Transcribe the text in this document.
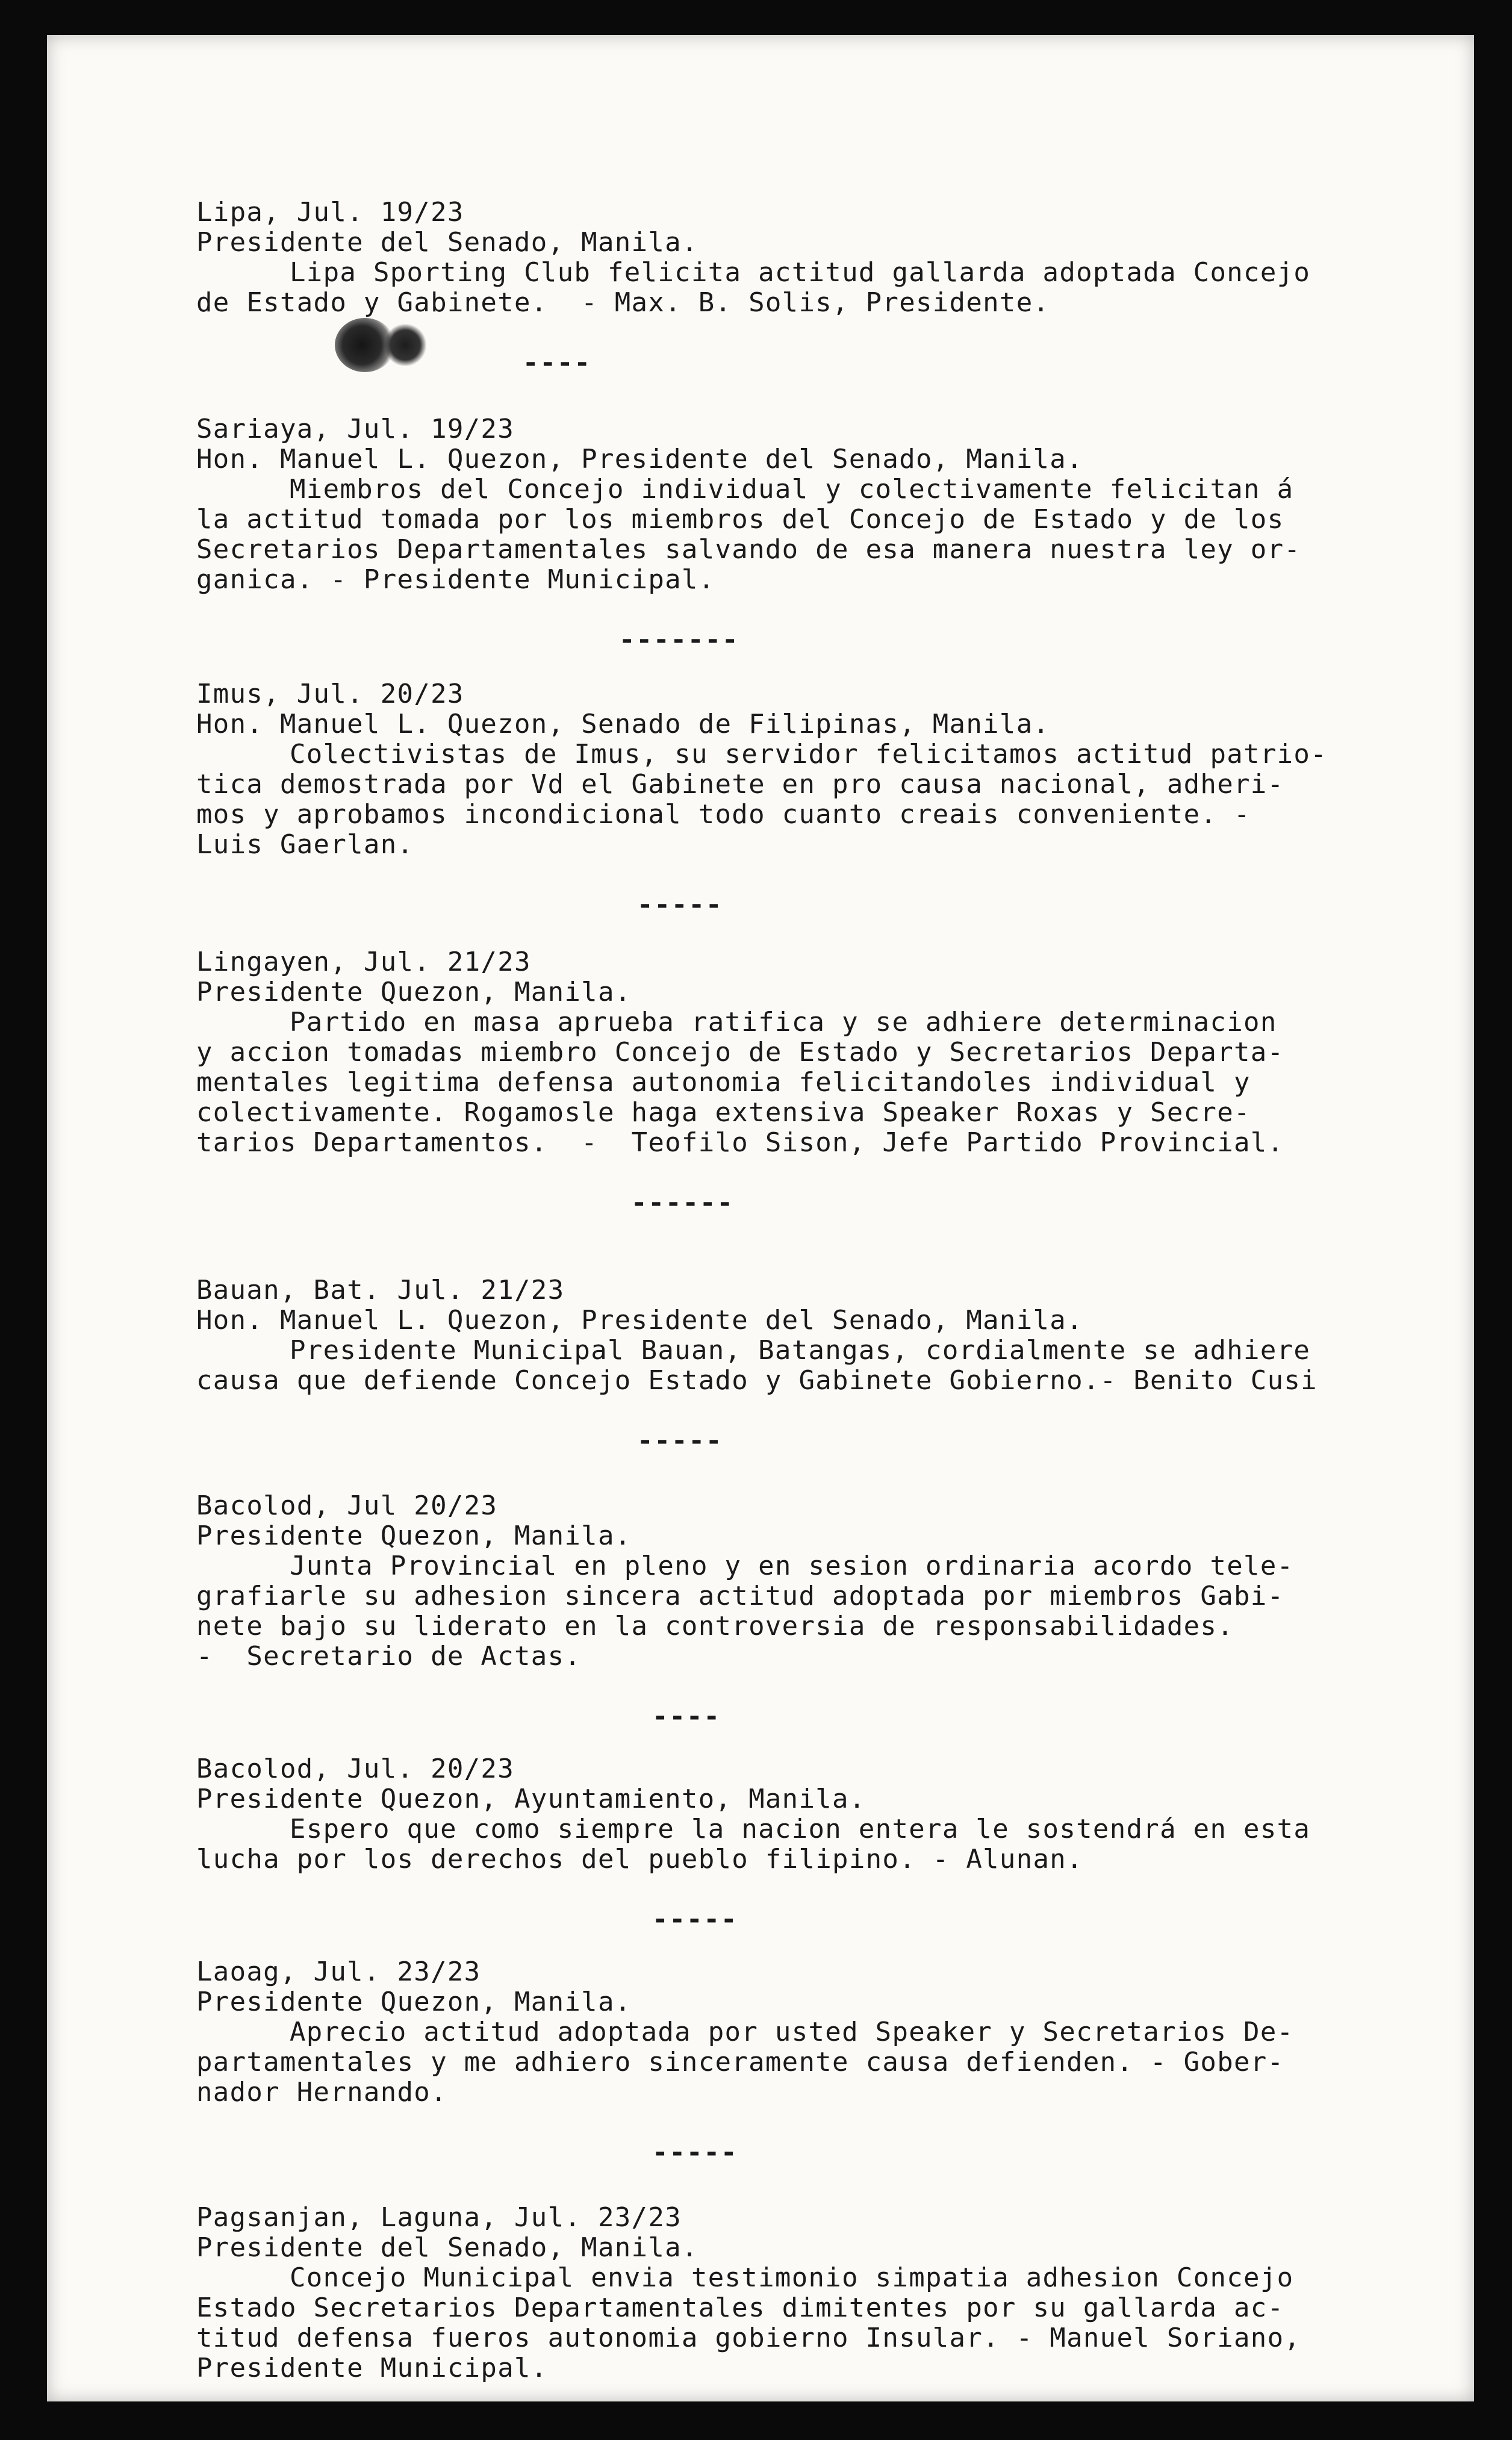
Lipa, Jul. 19/23
Presidente del Senado, Manila.
Lipa Sporting Club felicita actitud gallarda adoptada Concejo
de Estado y Gabinete.  - Max. B. Solis, Presidente.
----
Sariaya, Jul. 19/23
Hon. Manuel L. Quezon, Presidente del Senado, Manila.
Miembros del Concejo individual y colectivamente felicitan á
la actitud tomada por los miembros del Concejo de Estado y de los
Secretarios Departamentales salvando de esa manera nuestra ley or-
ganica. - Presidente Municipal.
-------
Imus, Jul. 20/23
Hon. Manuel L. Quezon, Senado de Filipinas, Manila.
Colectivistas de Imus, su servidor felicitamos actitud patrio-
tica demostrada por Vd el Gabinete en pro causa nacional, adheri-
mos y aprobamos incondicional todo cuanto creais conveniente. -
Luis Gaerlan.
-----
Lingayen, Jul. 21/23
Presidente Quezon, Manila.
Partido en masa aprueba ratifica y se adhiere determinacion
y accion tomadas miembro Concejo de Estado y Secretarios Departa-
mentales legitima defensa autonomia felicitandoles individual y
colectivamente. Rogamosle haga extensiva Speaker Roxas y Secre-
tarios Departamentos.  -  Teofilo Sison, Jefe Partido Provincial.
------
Bauan, Bat. Jul. 21/23
Hon. Manuel L. Quezon, Presidente del Senado, Manila.
Presidente Municipal Bauan, Batangas, cordialmente se adhiere
causa que defiende Concejo Estado y Gabinete Gobierno.- Benito Cusi
-----
Bacolod, Jul 20/23
Presidente Quezon, Manila.
Junta Provincial en pleno y en sesion ordinaria acordo tele-
grafiarle su adhesion sincera actitud adoptada por miembros Gabi-
nete bajo su liderato en la controversia de responsabilidades.
-  Secretario de Actas.
----
Bacolod, Jul. 20/23
Presidente Quezon, Ayuntamiento, Manila.
Espero que como siempre la nacion entera le sostendrá en esta
lucha por los derechos del pueblo filipino. - Alunan.
-----
Laoag, Jul. 23/23
Presidente Quezon, Manila.
Aprecio actitud adoptada por usted Speaker y Secretarios De-
partamentales y me adhiero sinceramente causa defienden. - Gober-
nador Hernando.
-----
Pagsanjan, Laguna, Jul. 23/23
Presidente del Senado, Manila.
Concejo Municipal envia testimonio simpatia adhesion Concejo
Estado Secretarios Departamentales dimitentes por su gallarda ac-
titud defensa fueros autonomia gobierno Insular. - Manuel Soriano,
Presidente Municipal.
